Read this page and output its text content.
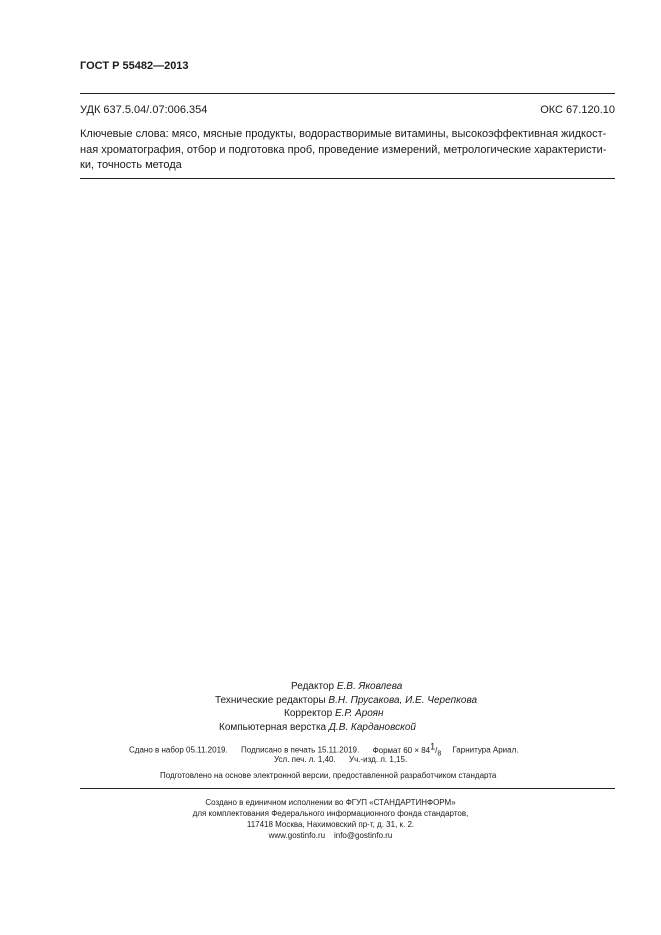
ГОСТ Р 55482—2013
УДК 637.5.04/.07:006.354	ОКС 67.120.10
Ключевые слова: мясо, мясные продукты, водорастворимые витамины, высокоэффективная жидкост-
ная хроматография, отбор и подготовка проб, проведение измерений, метрологические характеристи-
ки, точность метода
Редактор Е.В. Яковлева
Технические редакторы В.Н. Прусакова, И.Е. Черепкова
Корректор Е.Р. Ароян
Компьютерная верстка Д.В. Кардановской
Сдано в набор 05.11.2019. Подписано в печать 15.11.2019. Формат $60 \times 84^1/_8$ Гарнитура Ариал.
Усл. печ. л. 1,40. Уч.-изд. л. 1,15.
Подготовлено на основе электронной версии, предоставленной разработчиком стандарта
Создано в единичном исполнении во ФГУП «СТАНДАРТИНФОРМ»
для комплектования Федерального информационного фонда стандартов,
117418 Москва, Нахимовский пр-т, д. 31, к. 2.
www.gostinfo.ru info@gostinfo.ru
